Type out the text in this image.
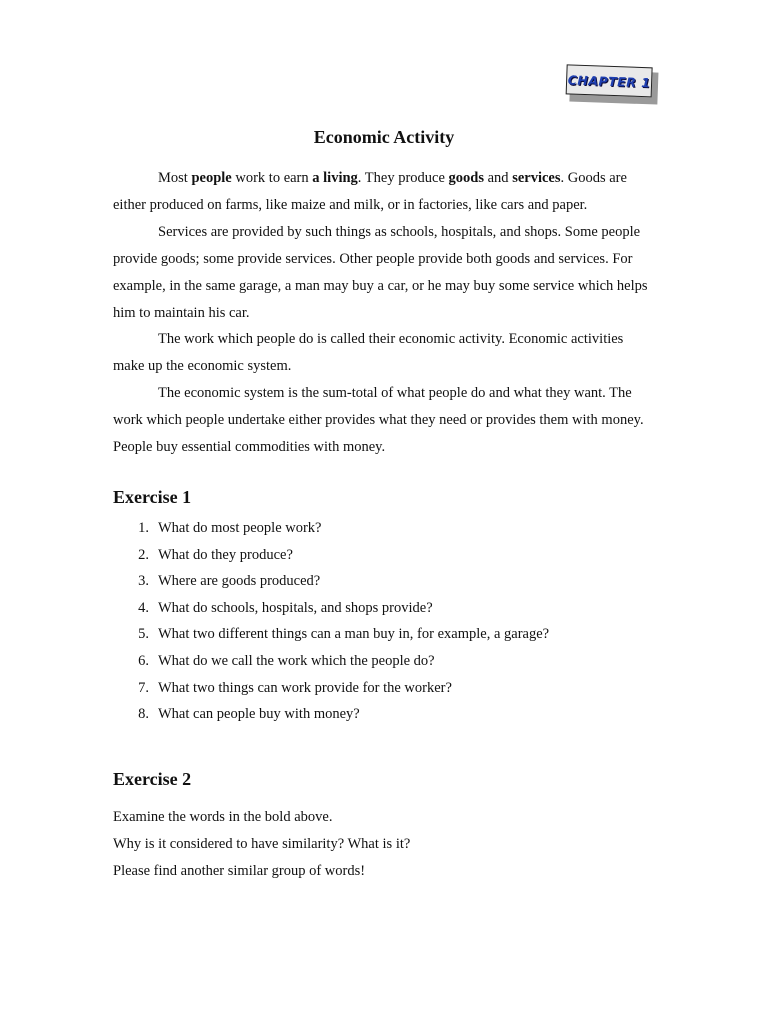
CHAPTER 1
Economic Activity

Most people work to earn a living. They produce goods and services. Goods are either produced on farms, like maize and milk, or in factories, like cars and paper.

Services are provided by such things as schools, hospitals, and shops. Some people provide goods; some provide services. Other people provide both goods and services. For example, in the same garage, a man may buy a car, or he may buy some service which helps him to maintain his car.

The work which people do is called their economic activity. Economic activities make up the economic system.

The economic system is the sum-total of what people do and what they want. The work which people undertake either provides what they need or provides them with money. People buy essential commodities with money.

Exercise 1
1. What do most people work?
2. What do they produce?
3. Where are goods produced?
4. What do schools, hospitals, and shops provide?
5. What two different things can a man buy in, for example, a garage?
6. What do we call the work which the people do?
7. What two things can work provide for the worker?
8. What can people buy with money?
Exercise 2
Examine the words in the bold above.
Why is it considered to have similarity? What is it?
Please find another similar group of words!
